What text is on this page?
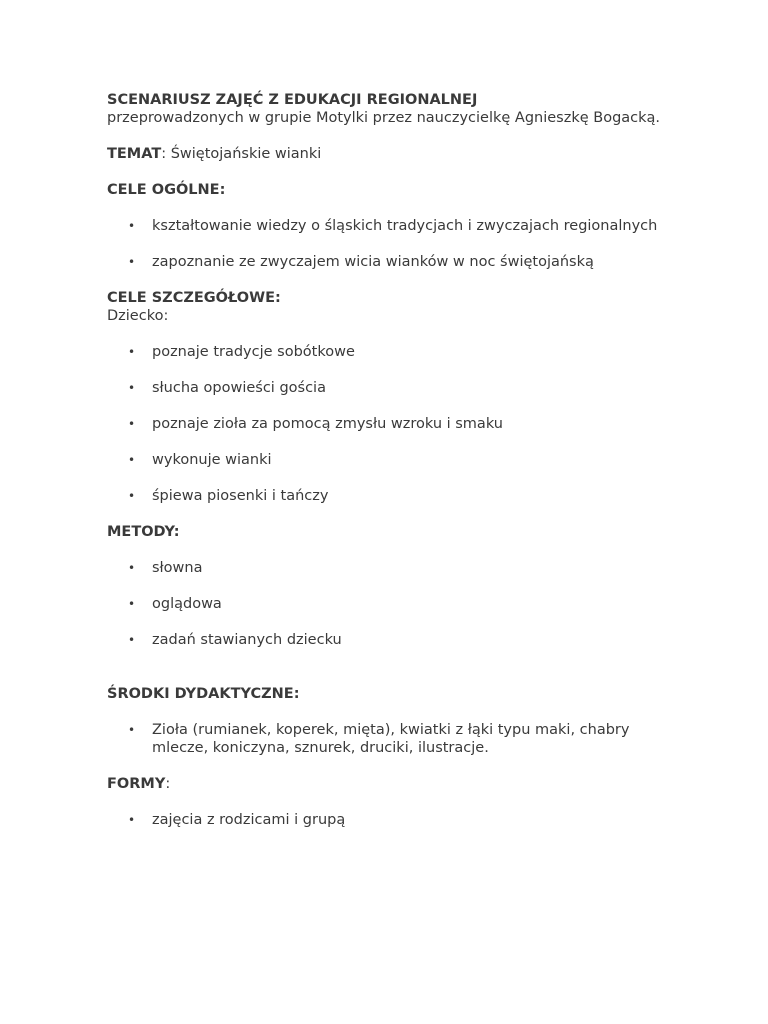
SCENARIUSZ ZAJĘĆ Z EDUKACJI REGIONALNEJ

przeprowadzonych w grupie Motylki przez nauczycielkę Agnieszkę Bogacką.

TEMAT: Świętojańskie wianki

CELE OGÓLNE:

• kształtowanie wiedzy o śląskich tradycjach i zwyczajach regionalnych
• zapoznanie ze zwyczajem wicia wianków w noc świętojańską

CELE SZCZEGÓŁOWE:

Dziecko:

• poznaje tradycje sobótkowe
• słucha opowieści gościa
• poznaje zioła za pomocą zmysłu wzroku i smaku
• wykonuje wianki
• śpiewa piosenki i tańczy

METODY:

• słowna
• oglądowa
• zadań stawianych dziecku

ŚRODKI DYDAKTYCZNE:

• Zioła (rumianek, koperek, mięta), kwiatki z łąki typu maki, chabry mlecze, koniczyna, sznurek, druciki, ilustracje.

FORMY:

• zajęcia z rodzicami i grupą
